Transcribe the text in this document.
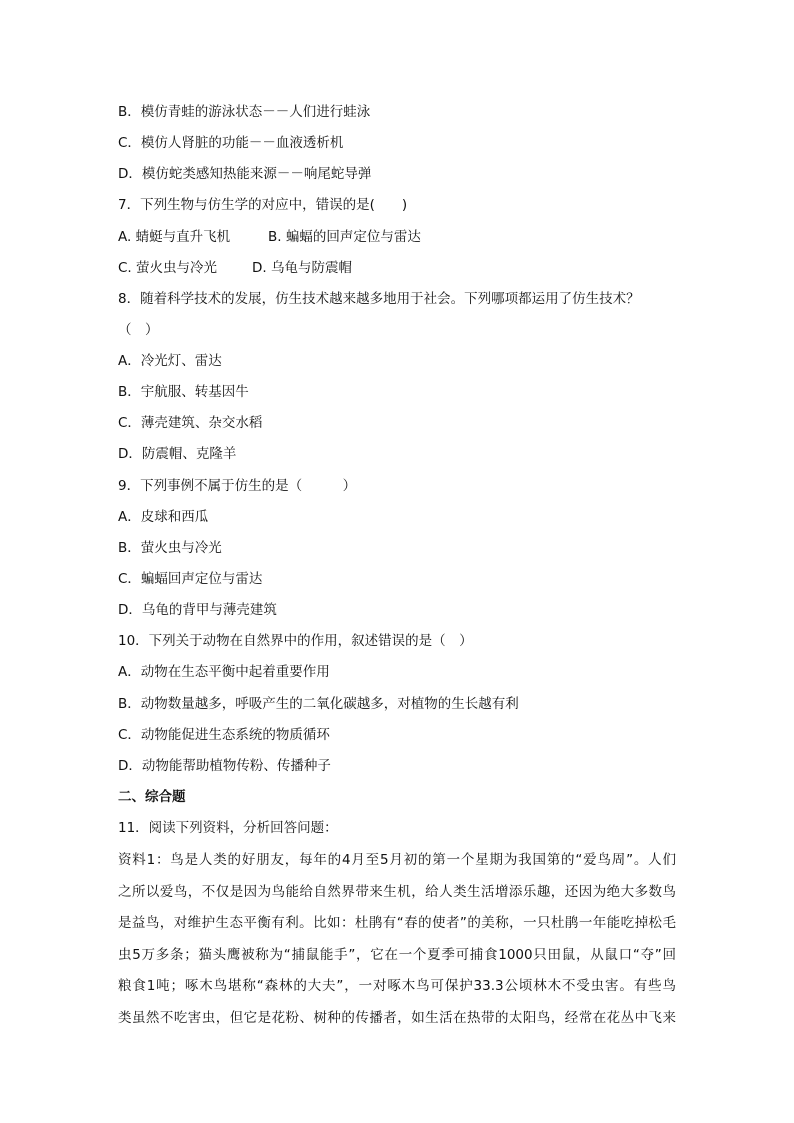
B．模仿青蛙的游泳状态－－人们进行蛙泳
C．模仿人肾脏的功能－－血液透析机
D．模仿蛇类感知热能来源－－响尾蛇导弹
7．下列生物与仿生学的对应中，错误的是(　　)
A. 蜻蜓与直升飞机	B. 蝙蝠的回声定位与雷达
C. 萤火虫与冷光	D. 乌龟与防震帽
8．随着科学技术的发展，仿生技术越来越多地用于社会。下列哪项都运用了仿生技术？
（　）
A．冷光灯、雷达
B．宇航服、转基因牛
C．薄壳建筑、杂交水稻
D．防震帽、克隆羊
9．下列事例不属于仿生的是（　　　）
A．皮球和西瓜
B．萤火虫与冷光
C．蝙蝠回声定位与雷达
D．乌龟的背甲与薄壳建筑
10．下列关于动物在自然界中的作用，叙述错误的是（　）
A．动物在生态平衡中起着重要作用
B．动物数量越多，呼吸产生的二氧化碳越多，对植物的生长越有利
C．动物能促进生态系统的物质循环
D．动物能帮助植物传粉、传播种子
二、综合题
11．阅读下列资料，分析回答问题：
资料1：鸟是人类的好朋友，每年的4月至5月初的第一个星期为我国第的“爱鸟周”。人们
之所以爱鸟，不仅是因为鸟能给自然界带来生机，给人类生活增添乐趣，还因为绝大多数鸟
是益鸟，对维护生态平衡有利。比如：杜鹃有“春的使者”的美称，一只杜鹃一年能吃掉松毛
虫5万多条；猫头鹰被称为“捕鼠能手”，它在一个夏季可捕食1000只田鼠，从鼠口“夺”回
粮食1吨；啄木鸟堪称“森林的大夫”，一对啄木鸟可保护33.3公顷林木不受虫害。有些鸟
类虽然不吃害虫，但它是花粉、树种的传播者，如生活在热带的太阳鸟，经常在花丛中飞来
